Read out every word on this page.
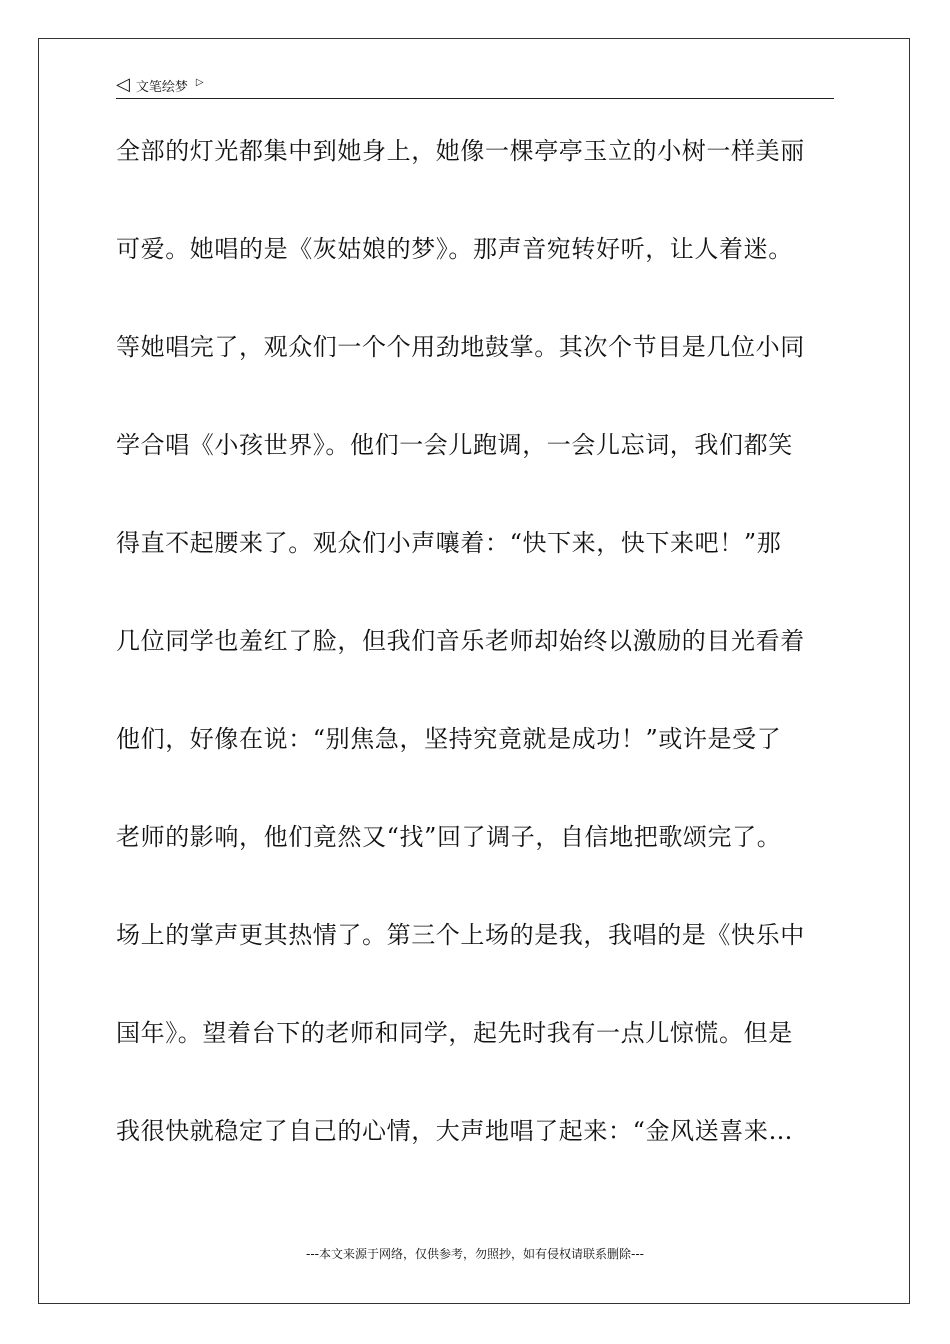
◁ 文笔绘梦 ▷
全部的灯光都集中到她身上，她像一棵亭亭玉立的小树一样美丽
可爱。她唱的是《灰姑娘的梦》。那声音宛转好听，让人着迷。
等她唱完了，观众们一个个用劲地鼓掌。其次个节目是几位小同
学合唱《小孩世界》。他们一会儿跑调，一会儿忘词，我们都笑
得直不起腰来了。观众们小声嚷着：“快下来，快下来吧！”那
几位同学也羞红了脸，但我们音乐老师却始终以激励的目光看着
他们，好像在说：“别焦急，坚持究竟就是成功！”或许是受了
老师的影响，他们竟然又“找”回了调子，自信地把歌颂完了。
场上的掌声更其热情了。第三个上场的是我，我唱的是《快乐中
国年》。望着台下的老师和同学，起先时我有一点儿惊慌。但是
我很快就稳定了自己的心情，大声地唱了起来：“金风送喜来…
---本文来源于网络，仅供参考，勿照抄，如有侵权请联系删除---
